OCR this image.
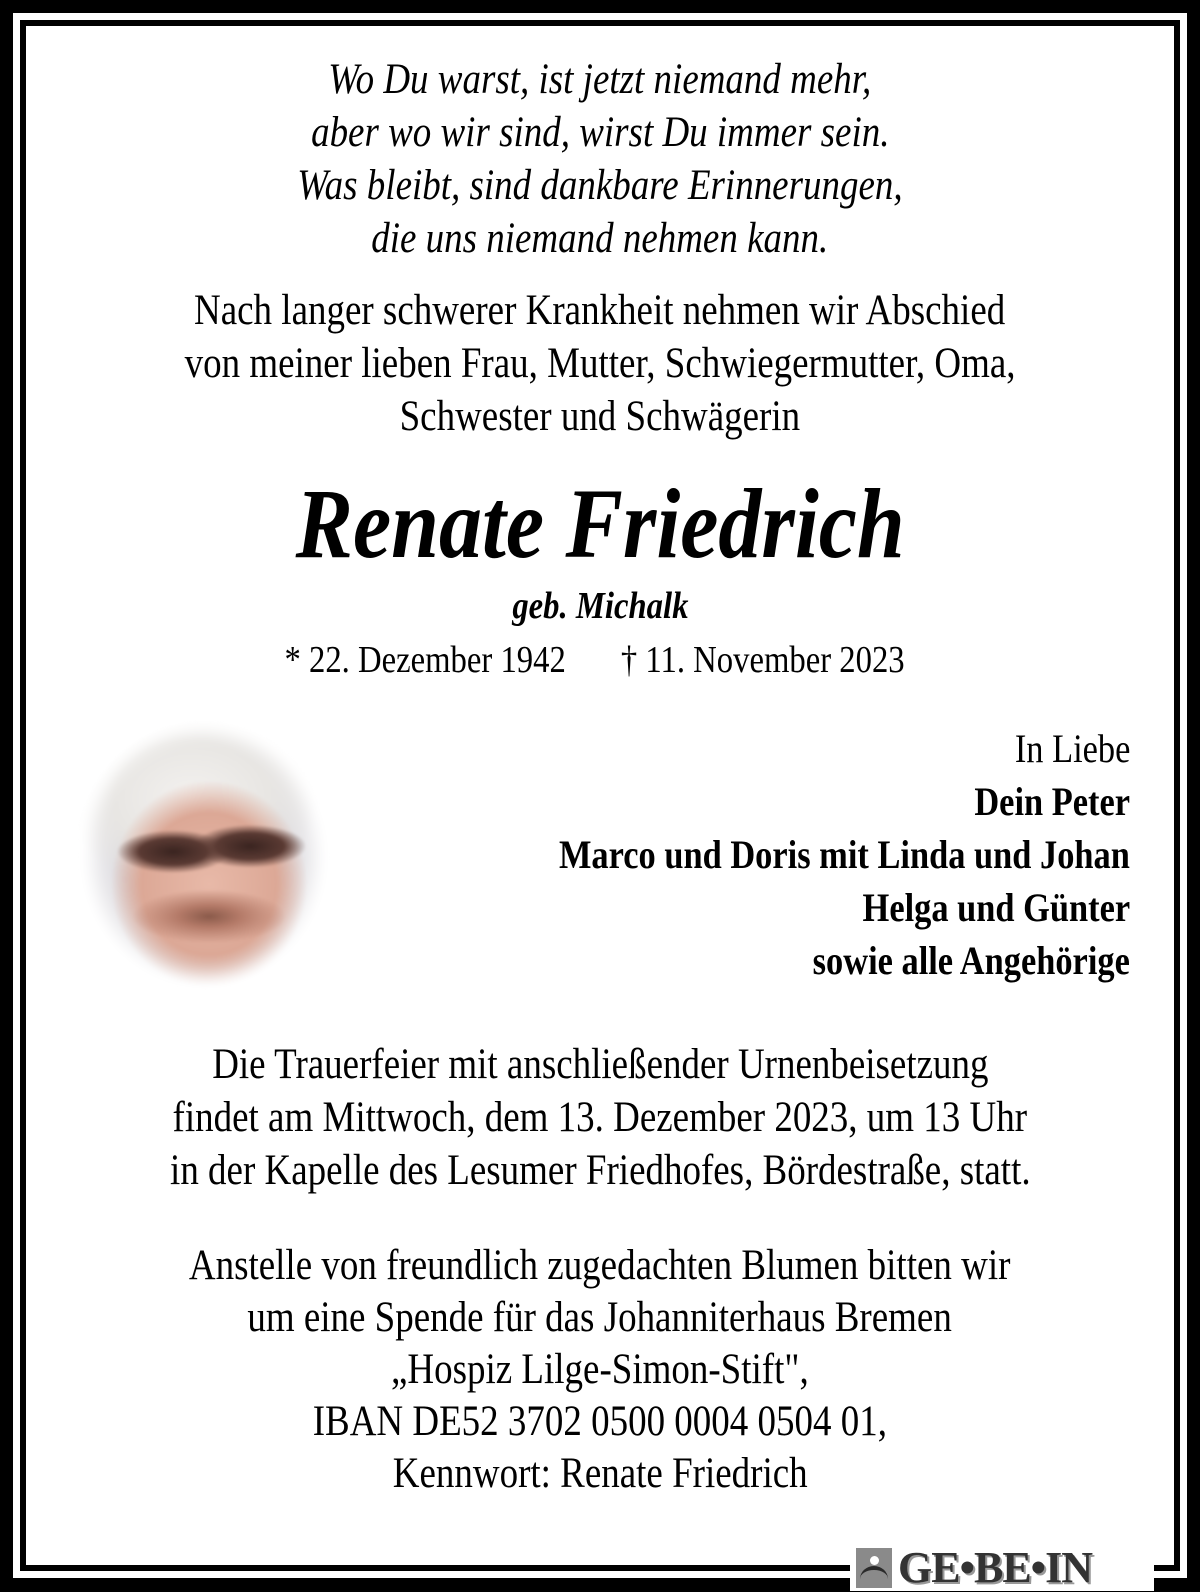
Wo Du warst, ist jetzt niemand mehr,
aber wo wir sind, wirst Du immer sein.
Was bleibt, sind dankbare Erinnerungen,
die uns niemand nehmen kann.
Nach langer schwerer Krankheit nehmen wir Abschied
von meiner lieben Frau, Mutter, Schwiegermutter, Oma,
Schwester und Schwägerin
Renate Friedrich
geb. Michalk
* 22. Dezember 1942 † 11. November 2023
In Liebe
Dein Peter
Marco und Doris mit Linda und Johan
Helga und Günter
sowie alle Angehörige
Die Trauerfeier mit anschließender Urnenbeisetzung
findet am Mittwoch, dem 13. Dezember 2023, um 13 Uhr
in der Kapelle des Lesumer Friedhofes, Bördestraße, statt.
Anstelle von freundlich zugedachten Blumen bitten wir
um eine Spende für das Johanniterhaus Bremen
„Hospiz Lilge-Simon-Stift",
IBAN DE52 3702 0500 0004 0504 01,
Kennwort: Renate Friedrich
GE•BE•IN
